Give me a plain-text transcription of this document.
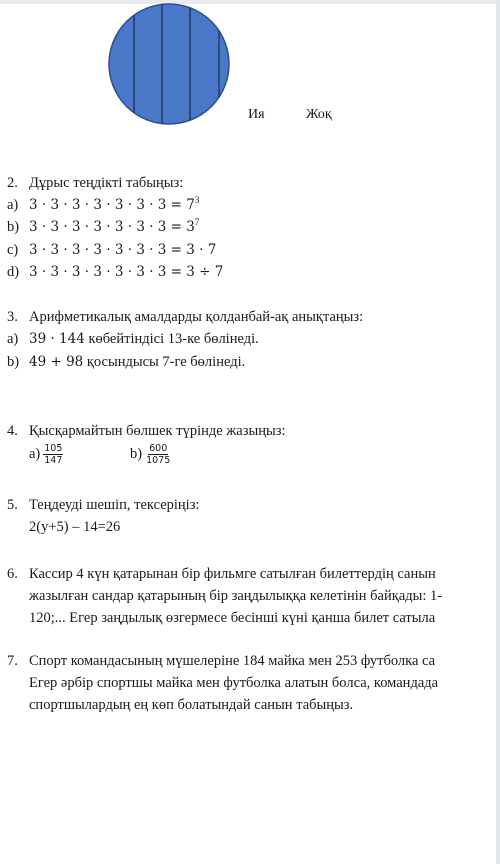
Ия	Жоқ
2. Дұрыс теңдікті табыңыз:
a) $3 \cdot 3 \cdot 3 \cdot 3 \cdot 3 \cdot 3 \cdot 3 = 7^3$
b) $3 \cdot 3 \cdot 3 \cdot 3 \cdot 3 \cdot 3 \cdot 3 = 3^7$
c) 3 · 3 · 3 · 3 · 3 · 3 · 3 = 3 · 7
d) 3 · 3 · 3 · 3 · 3 · 3 · 3 = 3 ÷ 7
3. Арифметикалық амалдарды қолданбай-ақ анықтаңыз:
a) 39 · 144 көбейтіндісі 13-ке бөлінеді.
b) 49 + 98 қосындысы 7-ге бөлінеді.
4. Қысқармайтын бөлшек түрінде жазыңыз:
$a) \frac{105}{147}$	$b) \frac{600}{1075}$
5. Теңдеуді шешіп, тексеріңіз:
2(y+5) – 14=26
6. Кассир 4 күн қатарынан бір фильмге сатылған билеттердің санын
жазылған сандар қатарының бір заңдылыққа келетінін байқады: 1-
120;... Егер заңдылық өзгермесе бесінші күні қанша билет сатыла
7. Спорт командасының мүшелеріне 184 майка мен 253 футболка са
Егер әрбір спортшы майка мен футболка алатын болса, командада
спортшылардың ең көп болатындай санын табыңыз.
